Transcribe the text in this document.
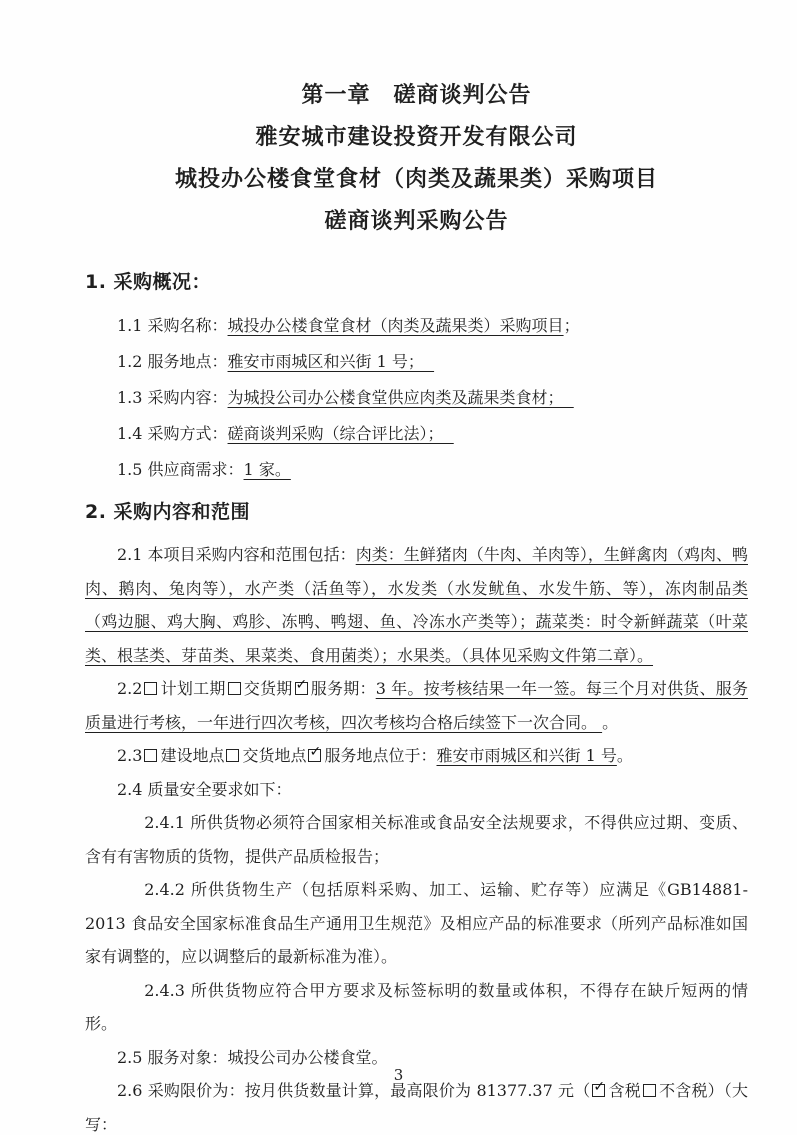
第一章　磋商谈判公告
雅安城市建设投资开发有限公司
城投办公楼食堂食材（肉类及蔬果类）采购项目
磋商谈判采购公告
1. 采购概况：

1.1 采购名称：城投办公楼食堂食材（肉类及蔬果类）采购项目；

1.2 服务地点：雅安市雨城区和兴街 1 号；

1.3 采购内容：为城投公司办公楼食堂供应肉类及蔬果类食材；

1.4 采购方式：磋商谈判采购（综合评比法）；

1.5 供应商需求：1 家。

2. 采购内容和范围

2.1 本项目采购内容和范围包括：肉类：生鲜猪肉（牛肉、羊肉等），生鲜禽肉（鸡肉、鸭肉、鹅肉、兔肉等），水产类（活鱼等），水发类（水发鱿鱼、水发牛筋、等），冻肉制品类（鸡边腿、鸡大胸、鸡胗、冻鸭、鸭翅、鱼、冷冻水产类等）；蔬菜类：时令新鲜蔬菜（叶菜类、根茎类、芽苗类、果菜类、食用菌类）；水果类。（具体见采购文件第二章）。

2.2 计划工期 交货期 ✓ 服务期：3 年。按考核结果一年一签。每三个月对供货、服务质量进行考核，一年进行四次考核，四次考核均合格后续签下一次合同。 。

2.3 建设地点 交货地点 ✓ 服务地点位于：雅安市雨城区和兴街 1 号。

2.4 质量安全要求如下：

2.4.1 所供货物必须符合国家相关标准或食品安全法规要求，不得供应过期、变质、含有有害物质的货物，提供产品质检报告；

2.4.2 所供货物生产（包括原料采购、加工、运输、贮存等）应满足《GB14881-2013 食品安全国家标准食品生产通用卫生规范》及相应产品的标准要求（所列产品标准如国家有调整的，应以调整后的最新标准为准）。

2.4.3 所供货物应符合甲方要求及标签标明的数量或体积，不得存在缺斤短两的情形。

2.5 服务对象：城投公司办公楼食堂。

2.6 采购限价为：按月供货数量计算，最高限价为 81377.37 元（ ✓ 含税 不含税）（大写：

3
